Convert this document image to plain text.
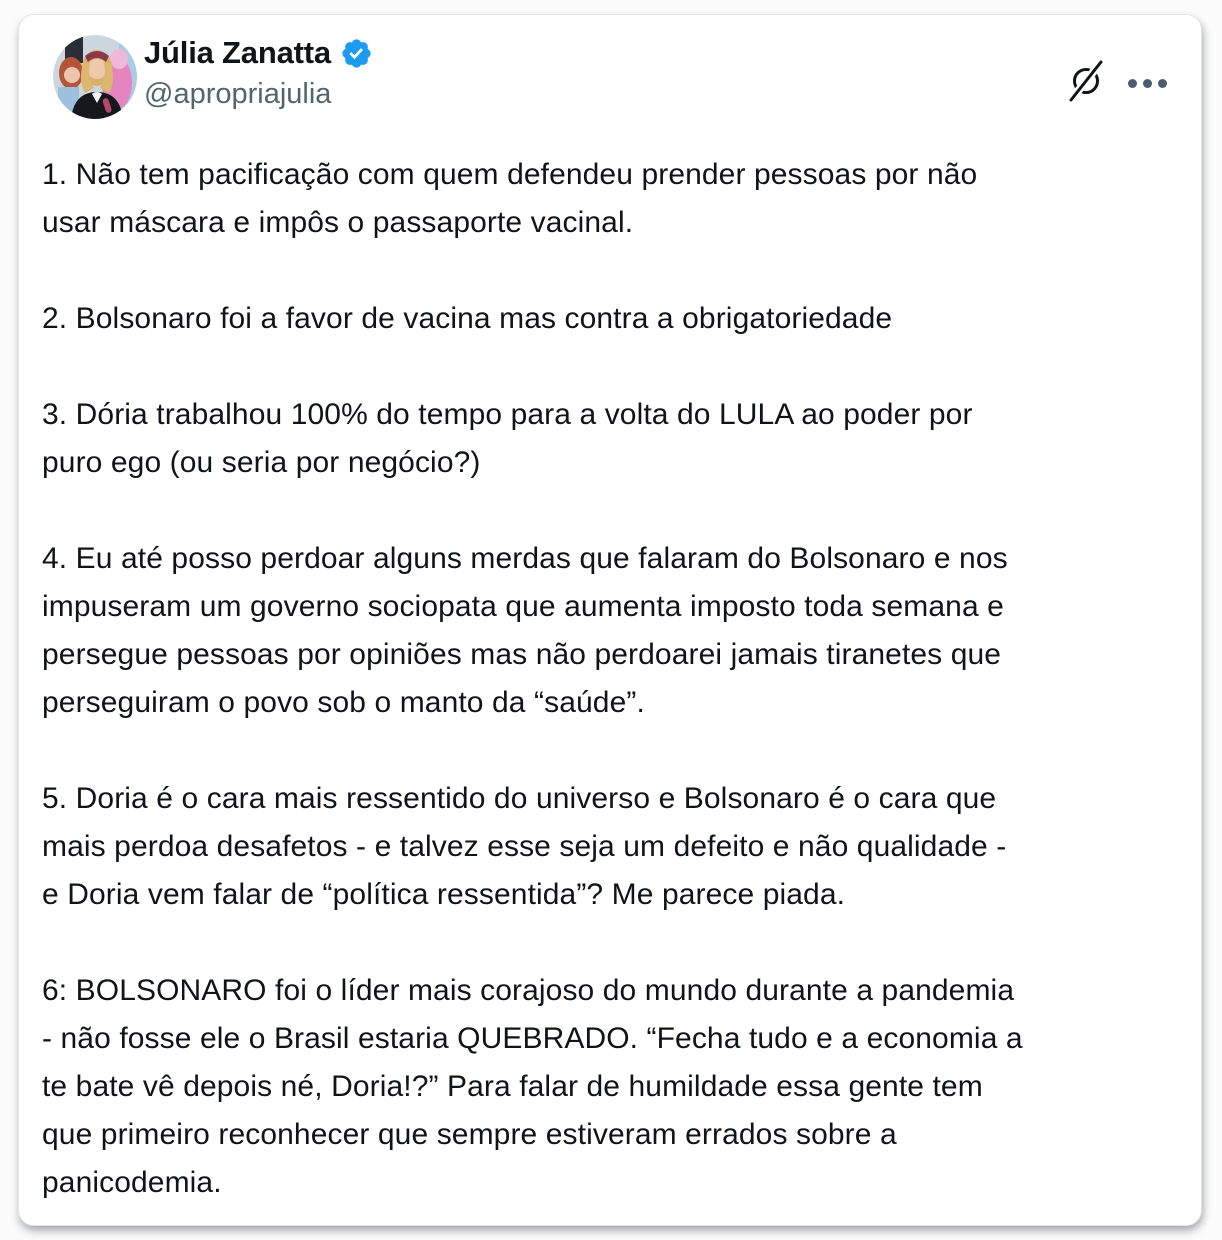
Júlia Zanatta
@apropriajulia

1. Não tem pacificação com quem defendeu prender pessoas por não
usar máscara e impôs o passaporte vacinal.

2. Bolsonaro foi a favor de vacina mas contra a obrigatoriedade

3. Dória trabalhou 100% do tempo para a volta do LULA ao poder por
puro ego (ou seria por negócio?)

4. Eu até posso perdoar alguns merdas que falaram do Bolsonaro e nos
impuseram um governo sociopata que aumenta imposto toda semana e
persegue pessoas por opiniões mas não perdoarei jamais tiranetes que
perseguiram o povo sob o manto da “saúde”.

5. Doria é o cara mais ressentido do universo e Bolsonaro é o cara que
mais perdoa desafetos - e talvez esse seja um defeito e não qualidade -
e Doria vem falar de “política ressentida”? Me parece piada.

6: BOLSONARO foi o líder mais corajoso do mundo durante a pandemia
- não fosse ele o Brasil estaria QUEBRADO. “Fecha tudo e a economia a
te bate vê depois né, Doria!?” Para falar de humildade essa gente tem
que primeiro reconhecer que sempre estiveram errados sobre a
panicodemia.
